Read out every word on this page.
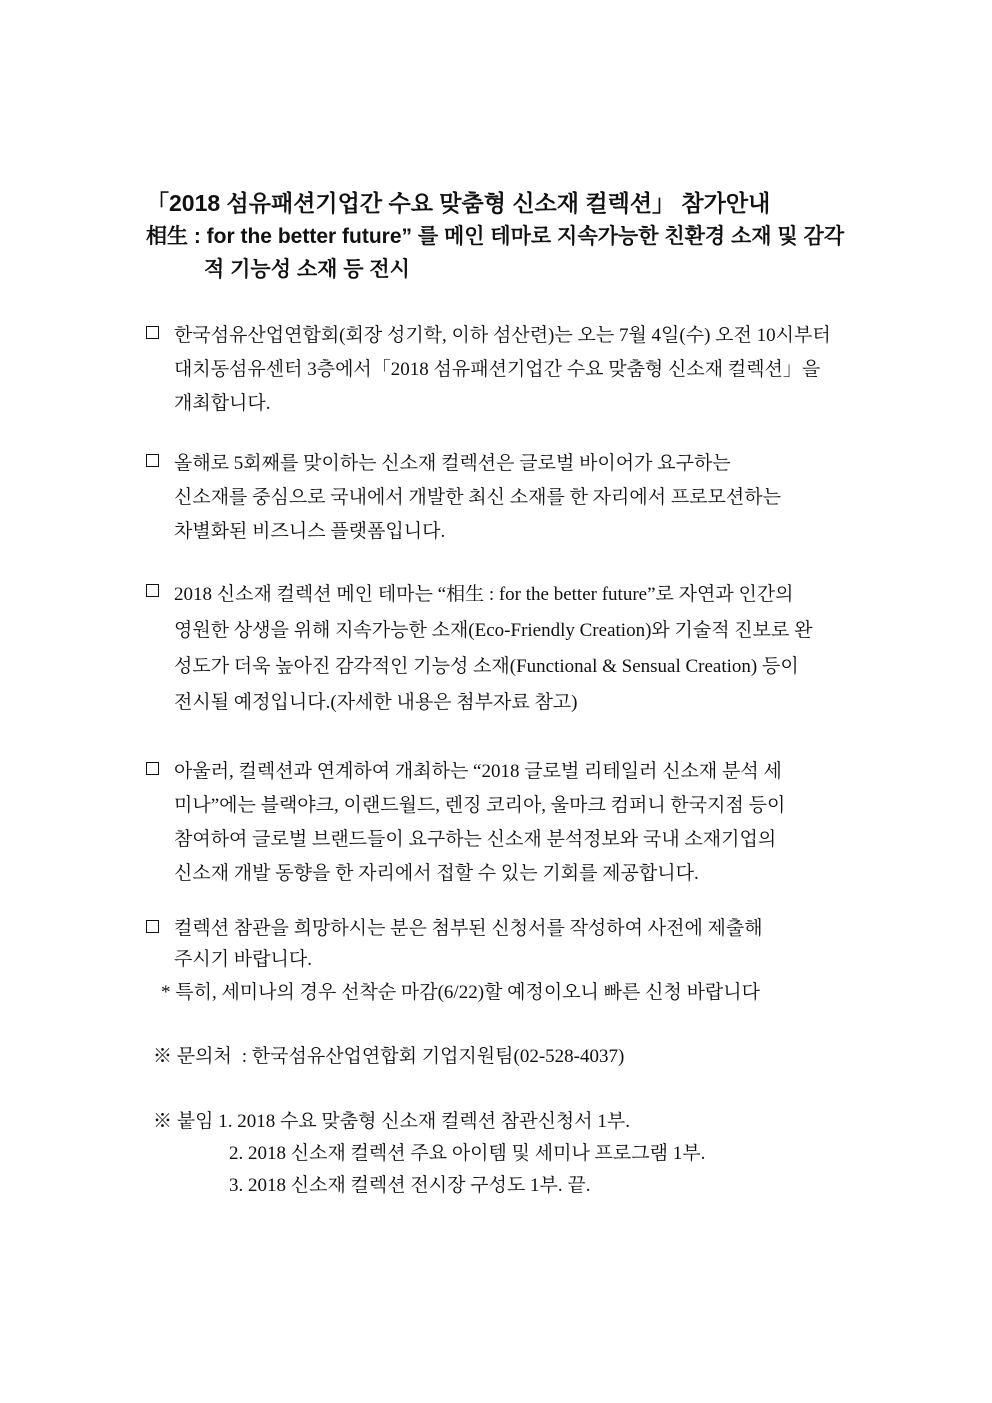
「2018 섬유패션기업간 수요 맞춤형 신소재 컬렉션」 참가안내
相生 : for the better future” 를 메인 테마로 지속가능한 친환경 소재 및 감각
적 기능성 소재 등 전시
한국섬유산업연합회(회장 성기학, 이하 섬산련)는 오는 7월 4일(수) 오전 10시부터
대치동섬유센터 3층에서「2018 섬유패션기업간 수요 맞춤형 신소재 컬렉션」을
개최합니다.
올해로 5회째를 맞이하는 신소재 컬렉션은 글로벌 바이어가 요구하는
신소재를 중심으로 국내에서 개발한 최신 소재를 한 자리에서 프로모션하는
차별화된 비즈니스 플랫폼입니다.
2018 신소재 컬렉션 메인 테마는 “相生 : for the better future”로 자연과 인간의
영원한 상생을 위해 지속가능한 소재(Eco-Friendly Creation)와 기술적 진보로 완
성도가 더욱 높아진 감각적인 기능성 소재(Functional & Sensual Creation) 등이
전시될 예정입니다.(자세한 내용은 첨부자료 참고)
아울러, 컬렉션과 연계하여 개최하는 “2018 글로벌 리테일러 신소재 분석 세
미나”에는 블랙야크, 이랜드월드, 렌징 코리아, 울마크 컴퍼니 한국지점 등이
참여하여 글로벌 브랜드들이 요구하는 신소재 분석정보와 국내 소재기업의
신소재 개발 동향을 한 자리에서 접할 수 있는 기회를 제공합니다.
컬렉션 참관을 희망하시는 분은 첨부된 신청서를 작성하여 사전에 제출해
주시기 바랍니다.
* 특히, 세미나의 경우 선착순 마감(6/22)할 예정이오니 빠른 신청 바랍니다
※ 문의처 : 한국섬유산업연합회 기업지원팀(02-528-4037)
※ 붙임 1. 2018 수요 맞춤형 신소재 컬렉션 참관신청서 1부.
2. 2018 신소재 컬렉션 주요 아이템 및 세미나 프로그램 1부.
3. 2018 신소재 컬렉션 전시장 구성도 1부. 끝.
